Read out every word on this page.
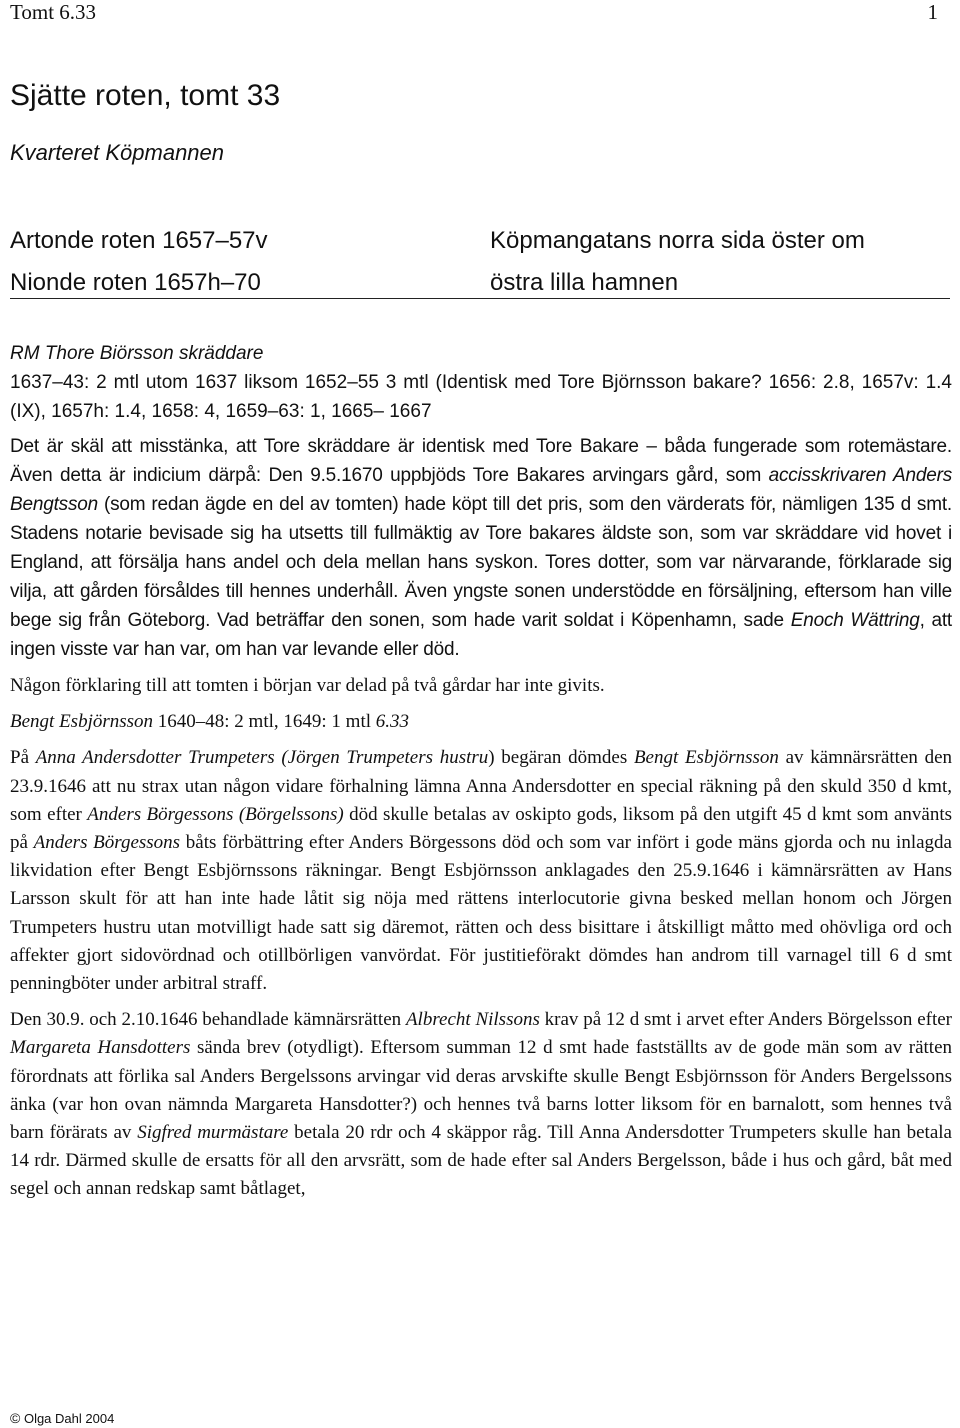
Tomt 6.33	1
Sjätte roten, tomt 33
Kvarteret Köpmannen
Artonde roten 1657–57v
Nionde roten 1657h–70
Köpmangatans norra sida öster om
östra lilla hamnen

RM Thore Biörsson skräddare

1637–43: 2 mtl utom 1637 liksom 1652–55 3 mtl (Identisk med Tore Björnsson bakare? 1656: 2.8, 1657v: 1.4 (IX), 1657h: 1.4, 1658: 4, 1659–63: 1, 1665– 1667

Det är skäl att misstänka, att Tore skräddare är identisk med Tore Bakare – båda fungerade som rotemästare. Även detta är indicium därpå: Den 9.5.1670 uppbjöds Tore Bakares arvingars gård, som accisskrivaren Anders Bengtsson (som redan ägde en del av tomten) hade köpt till det pris, som den värderats för, nämligen 135 d smt. Stadens notarie bevisade sig ha utsetts till fullmäktig av Tore bakares äldste son, som var skräddare vid hovet i England, att försälja hans andel och dela mellan hans syskon. Tores dotter, som var närvarande, förklarade sig vilja, att gården försåldes till hennes underhåll. Även yngste sonen understödde en försäljning, eftersom han ville bege sig från Göteborg. Vad beträffar den sonen, som hade varit soldat i Köpenhamn, sade Enoch Wättring, att ingen visste var han var, om han var levande eller död.

Någon förklaring till att tomten i början var delad på två gårdar har inte givits.

Bengt Esbjörnsson 1640–48: 2 mtl, 1649: 1 mtl 6.33

På Anna Andersdotter Trumpeters (Jörgen Trumpeters hustru) begäran dömdes Bengt Esbjörnsson av kämnärsrätten den 23.9.1646 att nu strax utan någon vidare förhalning lämna Anna Andersdotter en special räkning på den skuld 350 d kmt, som efter Anders Börgessons (Börgelssons) död skulle betalas av oskipto gods, liksom på den utgift 45 d kmt som använts på Anders Börgessons båts förbättring efter Anders Börgessons död och som var infört i gode mäns gjorda och nu inlagda likvidation efter Bengt Esbjörnssons räkningar. Bengt Esbjörnsson anklagades den 25.9.1646 i kämnärsrätten av Hans Larsson skult för att han inte hade låtit sig nöja med rättens interlocutorie givna besked mellan honom och Jörgen Trumpeters hustru utan motvilligt hade satt sig däremot, rätten och dess bisittare i åtskilligt måtto med ohövliga ord och affekter gjort sidovördnad och otillbörligen vanvördat. För justitieförakt dömdes han androm till varnagel till 6 d smt penningböter under arbitral straff.

Den 30.9. och 2.10.1646 behandlade kämnärsrätten Albrecht Nilssons krav på 12 d smt i arvet efter Anders Börgelsson efter Margareta Hansdotters sända brev (otydligt). Eftersom summan 12 d smt hade fastställts av de gode män som av rätten förordnats att förlika sal Anders Bergelssons arvingar vid deras arvskifte skulle Bengt Esbjörnsson för Anders Bergelssons änka (var hon ovan nämnda Margareta Hansdotter?) och hennes två barns lotter liksom för en barnalott, som hennes två barn förärats av Sigfred murmästare betala 20 rdr och 4 skäppor råg. Till Anna Andersdotter Trumpeters skulle han betala 14 rdr. Därmed skulle de ersatts för all den arvsrätt, som de hade efter sal Anders Bergelsson, både i hus och gård, båt med segel och annan redskap samt båtlaget,

© Olga Dahl 2004
